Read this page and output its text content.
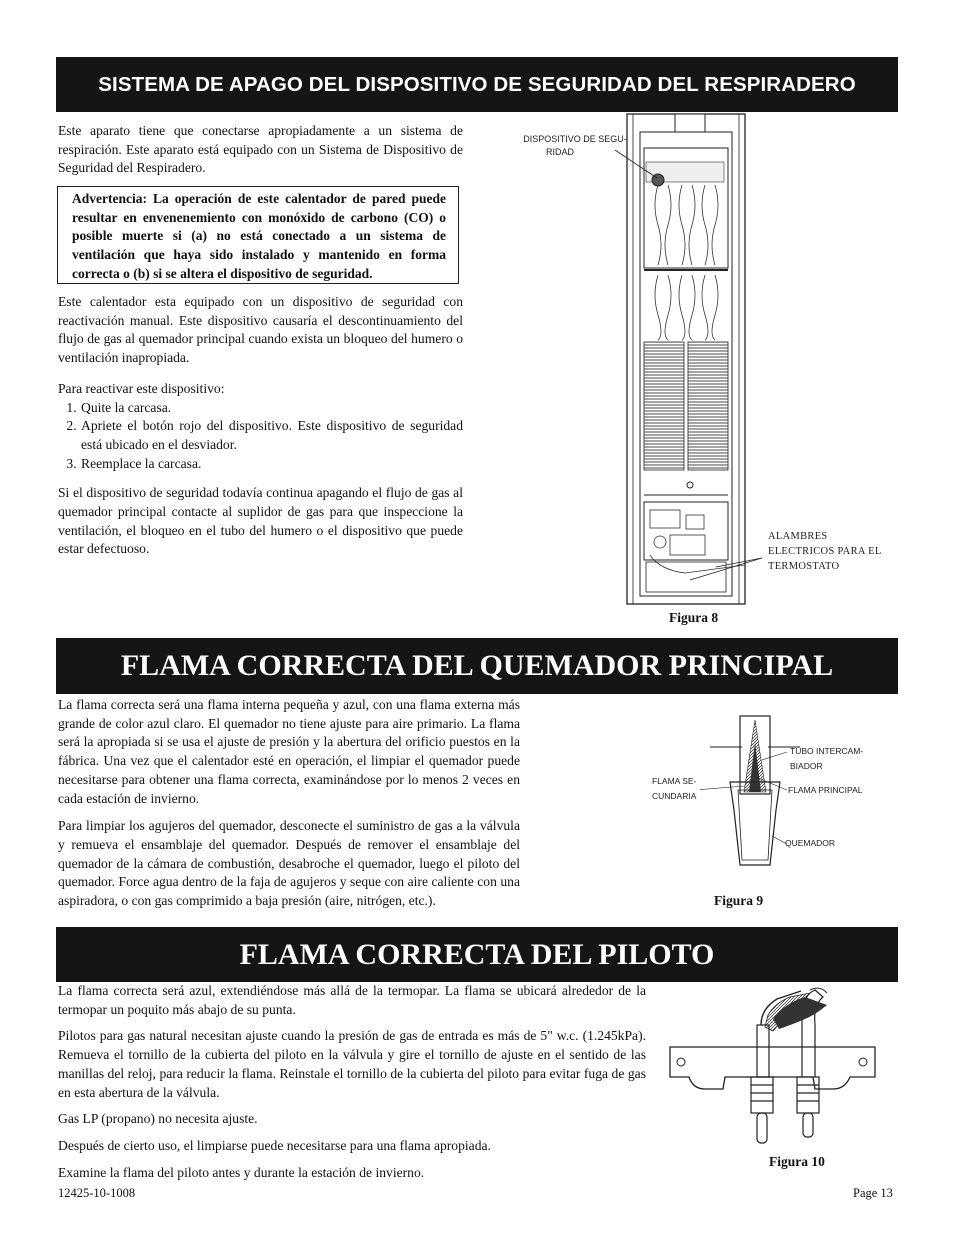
SISTEMA DE APAGO DEL DISPOSITIVO DE SEGURIDAD DEL RESPIRADERO

Este aparato tiene que conectarse apropiadamente a un sistema de respiración. Este aparato está equipado con un Sistema de Dispositivo de Seguridad del Respiradero.

Advertencia: La operación de este calentador de pared puede resultar en envenenemiento con monóxido de carbono (CO) o posible muerte si (a) no está conectado a un sistema de ventilación que haya sido instalado y mantenido en forma correcta o (b) si se altera el dispositivo de seguridad.

Este calentador esta equipado con un dispositivo de seguridad con reactivación manual. Este dispositivo causaría el descontinuamiento del flujo de gas al quemador principal cuando exista un bloqueo del humero o ventilación inapropiada.

Para reactivar este dispositivo:
1. Quite la carcasa.
2. Apriete el botón rojo del dispositivo. Este dispositivo de seguridad está ubicado en el desviador.
3. Reemplace la carcasa.

Si el dispositivo de seguridad todavía continua apagando el flujo de gas al quemador principal contacte al suplidor de gas para que inspeccione la ventilación, el bloqueo en el tubo del humero o el dispositivo que puede estar defectuoso.

DISPOSITIVO DE SEGU-
RIDAD
ALAMBRES
ELECTRICOS PARA EL
TERMOSTATO
Figura 8
FLAMA CORRECTA DEL QUEMADOR PRINCIPAL

La flama correcta será una flama interna pequeña y azul, con una flama externa más grande de color azul claro. El quemador no tiene ajuste para aire primario. La flama será la apropiada si se usa el ajuste de presión y la abertura del orificio puestos en la fábrica. Una vez que el calentador esté en operación, el limpiar el quemador puede necesitarse para obtener una flama correcta, examinándose por lo menos 2 veces en cada estación de invierno.

Para limpiar los agujeros del quemador, desconecte el suministro de gas a la válvula y remueva el ensamblaje del quemador. Después de remover el ensamblaje del quemador de la cámara de combustión, desabroche el quemador, luego el piloto del quemador. Force agua dentro de la faja de agujeros y seque con aire caliente con una aspiradora, o con gas comprimido a baja presión (aire, nitrógen, etc.).

TUBO INTERCAM-
BIADOR
FLAMA SE-
CUNDARIA
FLAMA PRINCIPAL
QUEMADOR
Figura 9
FLAMA CORRECTA DEL PILOTO

La flama correcta será azul, extendiéndose más allá de la termopar. La flama se ubicará alrededor de la termopar un poquito más abajo de su punta.

Pilotos para gas natural necesitan ajuste cuando la presión de gas de entrada es más de 5" w.c. (1.245kPa). Remueva el tornillo de la cubierta del piloto en la válvula y gire el tornillo de ajuste en el sentido de las manillas del reloj, para reducir la flama. Reinstale el tornillo de la cubierta del piloto para evitar fuga de gas en esta abertura de la válvula.

Gas LP (propano) no necesita ajuste.

Después de cierto uso, el limpiarse puede necesitarse para una flama apropiada.

Examine la flama del piloto antes y durante la estación de invierno.

Figura 10
12425-10-1008	Page 13
